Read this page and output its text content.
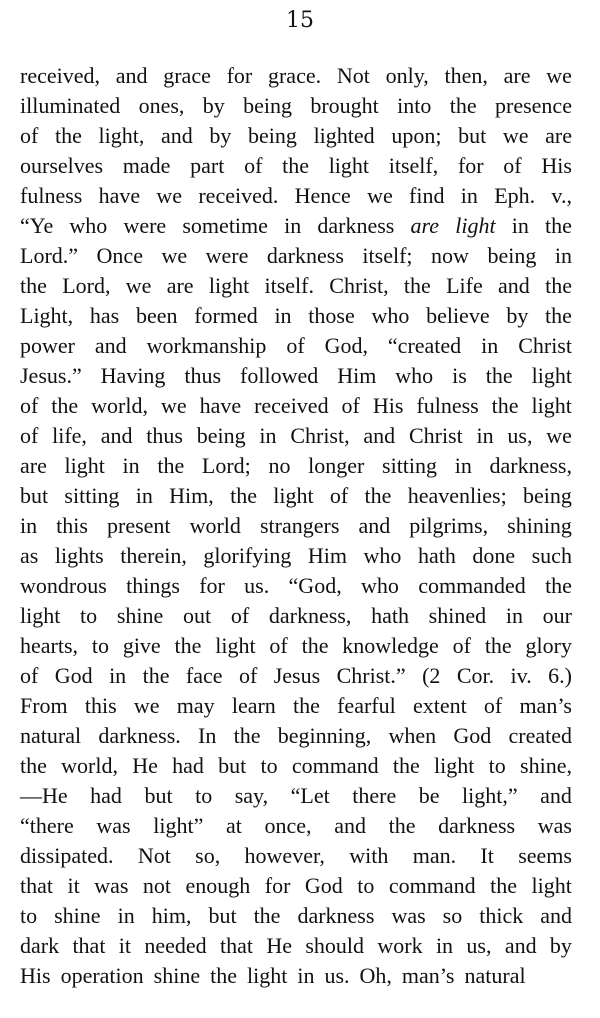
15
received, and grace for grace. Not only, then, are we
illuminated ones, by being brought into the presence
of the light, and by being lighted upon; but we are
ourselves made part of the light itself, for of His
fulness have we received. Hence we find in Eph. v.,
“Ye who were sometime in darkness are light in the
Lord.” Once we were darkness itself; now being in
the Lord, we are light itself. Christ, the Life and the
Light, has been formed in those who believe by the
power and workmanship of God, “created in Christ
Jesus.” Having thus followed Him who is the light
of the world, we have received of His fulness the light
of life, and thus being in Christ, and Christ in us, we
are light in the Lord; no longer sitting in darkness,
but sitting in Him, the light of the heavenlies; being
in this present world strangers and pilgrims, shining
as lights therein, glorifying Him who hath done such
wondrous things for us. “God, who commanded the
light to shine out of darkness, hath shined in our
hearts, to give the light of the knowledge of the glory
of God in the face of Jesus Christ.” (2 Cor. iv. 6.)
From this we may learn the fearful extent of man’s
natural darkness. In the beginning, when God created
the world, He had but to command the light to shine,
—He had but to say, “Let there be light,” and
“there was light” at once, and the darkness was
dissipated. Not so, however, with man. It seems
that it was not enough for God to command the light
to shine in him, but the darkness was so thick and
dark that it needed that He should work in us, and by
His operation shine the light in us. Oh, man’s natural
